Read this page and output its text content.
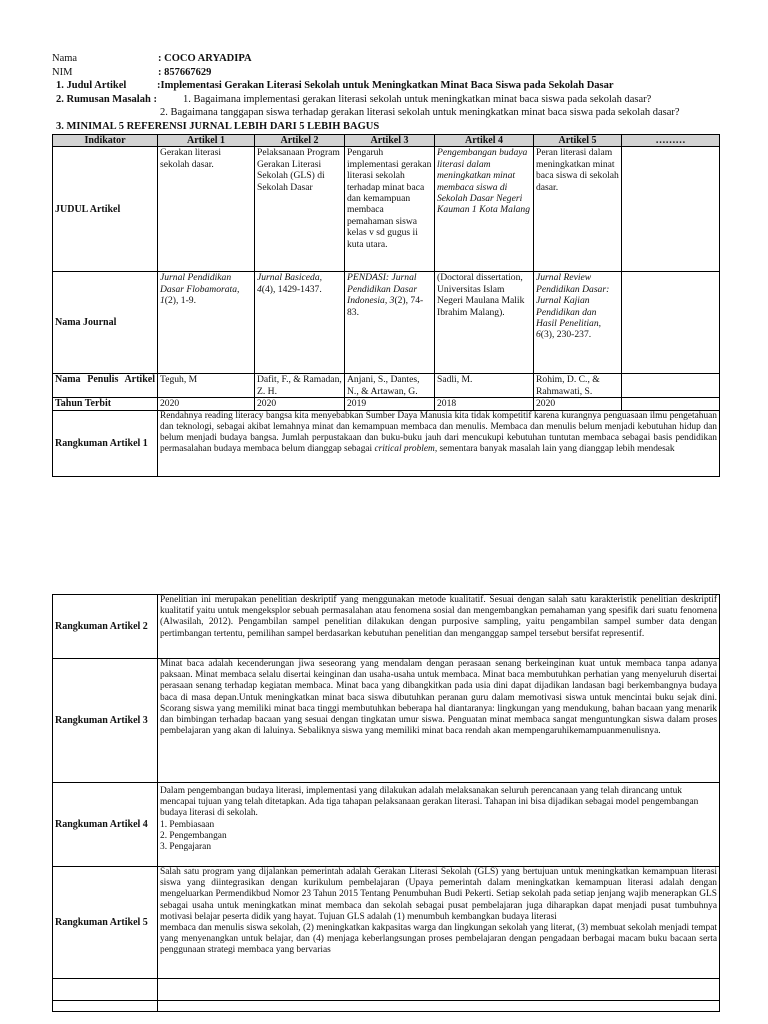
Nama	: COCO ARYADIPA
NIM	: 857667629
1. Judul Artikel	:Implementasi Gerakan Literasi Sekolah untuk Meningkatkan Minat Baca Siswa pada Sekolah Dasar
2. Rumusan Masalah : 1. Bagaimana implementasi gerakan literasi sekolah untuk meningkatkan minat baca siswa pada sekolah dasar?
2. Bagaimana tanggapan siswa terhadap gerakan literasi sekolah untuk meningkatkan minat baca siswa pada sekolah dasar?
3. MINIMAL 5 REFERENSI JURNAL LEBIH DARI 5 LEBIH BAGUS
Indikator	Artikel 1	Artikel 2	Artikel 3	Artikel 4	Artikel 5	………
JUDUL Artikel	Gerakan literasi sekolah dasar.	Pelaksanaan Program Gerakan Literasi Sekolah (GLS) di Sekolah Dasar	Pengaruh implementasi gerakan literasi sekolah terhadap minat baca dan kemampuan membaca pemahaman siswa kelas v sd gugus ii kuta utara.	Pengembangan budaya literasi dalam meningkatkan minat membaca siswa di Sekolah Dasar Negeri Kauman 1 Kota Malang	Peran literasi dalam meningkatkan minat baca siswa di sekolah dasar.	
Nama Journal	Jurnal Pendidikan Dasar Flobamorata, 1(2), 1-9.	Jurnal Basiceda, 4(4), 1429-1437.	PENDASI: Jurnal Pendidikan Dasar Indonesia, 3(2), 74-83.	(Doctoral dissertation, Universitas Islam Negeri Maulana Malik Ibrahim Malang).	Jurnal Review Pendidikan Dasar: Jurnal Kajian Pendidikan dan Hasil Penelitian, 6(3), 230-237.	
Nama Penulis Artikel	Teguh, M	Dafit, F., & Ramadan, Z. H.	Anjani, S., Dantes, N., & Artawan, G.	Sadli, M.	Rohim, D. C., & Rahmawati, S.	
Tahun Terbit	2020	2020	2019	2018	2020	
Rangkuman Artikel 1	Rendahnya reading literacy bangsa kita menyebabkan Sumber Daya Manusia kita tidak kompetitif karena kurangnya penguasaan ilmu pengetahuan dan teknologi, sebagai akibat lemahnya minat dan kemampuan membaca dan menulis. Membaca dan menulis belum menjadi kebutuhan hidup dan belum menjadi budaya bangsa. Jumlah perpustakaan dan buku-buku jauh dari mencukupi kebutuhan tuntutan membaca sebagai basis pendidikan permasalahan budaya membaca belum dianggap sebagai critical problem, sementara banyak masalah lain yang dianggap lebih mendesak					
Rangkuman Artikel 2	Penelitian ini merupakan penelitian deskriptif yang menggunakan metode kualitatif. Sesuai dengan salah satu karakteristik penelitian deskriptif kualitatif yaitu untuk mengeksplor sebuah permasalahan atau fenomena sosial dan mengembangkan pemahaman yang spesifik dari suatu fenomena (Alwasilah, 2012). Pengambilan sampel penelitian dilakukan dengan purposive sampling, yaitu pengambilan sampel sumber data dengan pertimbangan tertentu, pemilihan sampel berdasarkan kebutuhan penelitian dan menganggap sampel tersebut bersifat representif.
Rangkuman Artikel 3	Minat baca adalah kecenderungan jiwa seseorang yang mendalam dengan perasaan senang berkeinginan kuat untuk membaca tanpa adanya paksaan. Minat membaca selalu disertai keinginan dan usaha-usaha untuk membaca. Minat baca membutuhkan perhatian yang menyeluruh disertai perasaan senang terhadap kegiatan membaca. Minat baca yang dibangkitkan pada usia dini dapat dijadikan landasan bagi berkembangnya budaya baca di masa depan.Untuk meningkatkan minat baca siswa dibutuhkan peranan guru dalam memotivasi siswa untuk mencintai buku sejak dini. Scorang siswa yang memiliki minat baca tinggi membutuhkan beberapa hal diantaranya: lingkungan yang mendukung, bahan bacaan yang menarik dan bimbingan terhadap bacaan yang sesuai dengan tingkatan umur siswa. Penguatan minat membaca sangat menguntungkan siswa dalam proses pembelajaran yang akan di laluinya. Sebaliknya siswa yang memiliki minat baca rendah akan mempengaruhikemampuanmenulisnya.
Rangkuman Artikel 4	Dalam pengembangan budaya literasi, implementasi yang dilakukan adalah melaksanakan seluruh perencanaan yang telah dirancang untuk mencapai tujuan yang telah ditetapkan. Ada tiga tahapan pelaksanaan gerakan literasi. Tahapan ini bisa dijadikan sebagai model pengembangan budaya literasi di sekolah.
1. Pembiasaan
2. Pengembangan
3. Pengajaran

Rangkuman Artikel 5	Salah satu program yang dijalankan pemerintah adalah Gerakan Literasi Sekolah (GLS) yang bertujuan untuk meningkatkan kemampuan literasi siswa yang diintegrasikan dengan kurikulum pembelajaran (Upaya pemerintah dalam meningkatkan kemampuan literasi adalah dengan mengeluarkan Permendikbud Nomor 23 Tahun 2015 Tentang Penumbuhan Budi Pekerti. Setiap sekolah pada setiap jenjang wajib menerapkan GLS sebagai usaha untuk meningkatkan minat membaca dan sekolah sebagai pusat pembelajaran juga diharapkan dapat menjadi pusat tumbuhnya motivasi belajar peserta didik yang hayat. Tujuan GLS adalah (1) menumbuh kembangkan budaya literasi
membaca dan menulis siswa sekolah, (2) meningkatkan kakpasitas warga dan lingkungan sekolah yang literat, (3) membuat sekolah menjadi tempat yang menyenangkan untuk belajar, dan (4) menjaga keberlangsungan proses pembelajaran dengan pengadaan berbagai macam buku bacaan serta penggunaan strategi membaca yang bervarias
